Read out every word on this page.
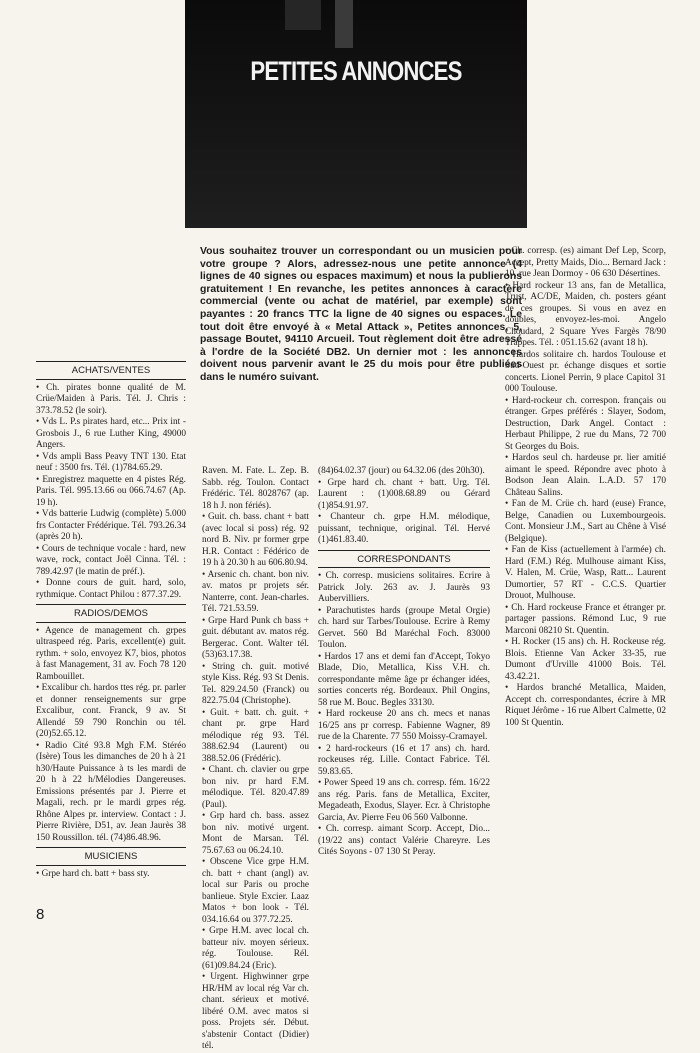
PETITES ANNONCES
Vous souhaitez trouver un correspondant ou un musicien pour votre groupe ? Alors, adressez-nous une petite annonce (4 lignes de 40 signes ou espaces maximum) et nous la publierons gratuitement ! En revanche, les petites annonces à caractère commercial (vente ou achat de matériel, par exemple) sont payantes : 20 francs TTC la ligne de 40 signes ou espaces. Le tout doit être envoyé à « Metal Attack », Petites annonces, 5, passage Boutet, 94110 Arcueil. Tout règlement doit être adressé à l'ordre de la Société DB2. Un dernier mot : les annonces doivent nous parvenir avant le 25 du mois pour être publiées dans le numéro suivant.
ACHATS/VENTES

• Ch. pirates bonne qualité de M. Crüe/Maiden à Paris. Tél. J. Chris : 373.78.52 (le soir).

• Vds L. P.s pirates hard, etc... Prix int - Grosbois J., 6 rue Luther King, 49000 Angers.

• Vds ampli Bass Peavy TNT 130. Etat neuf : 3500 frs. Tél. (1)784.65.29.

• Enregistrez maquette en 4 pistes Rég. Paris. Tél. 995.13.66 ou 066.74.67 (Ap. 19 h).

• Vds batterie Ludwig (complète) 5.000 frs Contacter Frédérique. Tél. 793.26.34 (après 20 h).

• Cours de technique vocale : hard, new wave, rock, contact Joël Cinna. Tél. : 789.42.97 (le matin de préf.).

• Donne cours de guit. hard, solo, rythmique. Contact Philou : 877.37.29.

RADIOS/DEMOS

• Agence de management ch. grpes ultraspeed rég. Paris, excellent(e) guit. rythm. + solo, envoyez K7, bios, photos à fast Management, 31 av. Foch 78 120 Rambouillet.

• Excalibur ch. hardos ttes rég. pr. parler et donner renseignements sur grpe Excalibur, cont. Franck, 9 av. St Allendé 59 790 Ronchin ou tél. (20)52.65.12.

• Radio Cité 93.8 Mgh F.M. Stéréo (Isère) Tous les dimanches de 20 h à 21 h30/Haute Puissance à ts les mardi de 20 h à 22 h/Mélodies Dangereuses. Emissions présentés par J. Pierre et Magali, rech. pr le mardi grpes rég. Rhône Alpes pr. interview. Contact : J. Pierre Rivière, D51, av. Jean Jaurès 38 150 Roussillon. tél. (74)86.48.96.

MUSICIENS

• Grpe hard ch. batt + bass sty.

Raven. M. Fate. L. Zep. B. Sabb. rég. Toulon. Contact Frédéric. Tél. 8028767 (ap. 18 h J. non fériés).

• Guit. ch. bass. chant + batt (avec local si poss) rég. 92 nord B. Niv. pr former grpe H.R. Contact : Fédérico de 19 h à 20.30 h au 606.80.94.

• Arsenic ch. chant. bon niv. av. matos pr projets sér. Nanterre, cont. Jean-charles. Tél. 721.53.59.

• Grpe Hard Punk ch bass + guit. débutant av. matos rég. Bergerac. Cont. Walter tél. (53)63.17.38.

• String ch. guit. motivé style Kiss. Rég. 93 St Denis. Tel. 829.24.50 (Franck) ou 822.75.04 (Christophe).

• Guit. + batt. ch. guit. + chant pr. grpe Hard mélodique rég 93. Tél. 388.62.94 (Laurent) ou 388.52.06 (Frédéric).

• Chant. ch. clavier ou grpe bon niv. pr hard F.M. mélodique. Tél. 820.47.89 (Paul).

• Grp hard ch. bass. assez bon niv. motivé urgent. Mont de Marsan. Tél. 75.67.63 ou 06.24.10.

• Obscene Vice grpe H.M. ch. batt + chant (angl) av. local sur Paris ou proche banlieue. Style Excier. Laaz Matos + bon look - Tél. 034.16.64 ou 377.72.25.

• Grpe H.M. avec local ch. batteur niv. moyen sérieux. rég. Toulouse. Rél. (61)09.84.24 (Eric).

• Urgent. Highwinner grpe HR/HM av local rég Var ch. chant. sérieux et motivé. libéré O.M. avec matos si poss. Projets sér. Début. s'abstenir Contact (Didier) tél.

(84)64.02.37 (jour) ou 64.32.06 (des 20h30).

• Grpe hard ch. chant + batt. Urg. Tél. Laurent : (1)008.68.89 ou Gérard (1)854.91.97.

• Chanteur ch. grpe H.M. mélodique, puissant, technique, original. Tél. Hervé (1)461.83.40.

CORRESPONDANTS

• Ch. corresp. musiciens solitaires. Ecrire à Patrick Joly. 263 av. J. Jaurès 93 Aubervilliers.

• Parachutistes hards (groupe Metal Orgie) ch. hard sur Tarbes/Toulouse. Ecrire à Remy Gervet. 560 Bd Maréchal Foch. 83000 Toulon.

• Hardos 17 ans et demi fan d'Accept, Tokyo Blade, Dio, Metallica, Kiss V.H. ch. correspondante même âge pr échanger idées, sorties concerts rég. Bordeaux. Phil Ongins, 58 rue M. Bouc. Begles 33130.

• Hard rockeuse 20 ans ch. mecs et nanas 16/25 ans pr corresp. Fabienne Wagner, 89 rue de la Charente. 77 550 Moissy-Cramayel.

• 2 hard-rockeurs (16 et 17 ans) ch. hard. rockeuses rég. Lille. Contact Fabrice. Tél. 59.83.65.

• Power Speed 19 ans ch. corresp. fém. 16/22 ans rég. Paris. fans de Metallica, Exciter, Megadeath, Exodus, Slayer. Ecr. à Christophe Garcia, Av. Pierre Feu 06 560 Valbonne.

• Ch. corresp. aimant Scorp. Accept, Dio... (19/22 ans) contact Valérie Chareyre. Les Cités Soyons - 07 130 St Peray.

• Ch. corresp. (es) aimant Def Lep, Scorp, Accept, Pretty Maids, Dio... Bernard Jack : 10, rue Jean Dormoy - 06 630 Désertines.

• Hard rockeur 13 ans, fan de Metallica, Trust, AC/DE, Maiden, ch. posters géant de ces groupes. Si vous en avez en doubles, envoyez-les-moi. Angelo Choudard, 2 Square Yves Fargès 78/90 Trappes. Tél. : 051.15.62 (avant 18 h).

• Hardos solitaire ch. hardos Toulouse et Sud-Ouest pr. échange disques et sortie concerts. Lionel Perrin, 9 place Capitol 31 000 Toulouse.

• Hard-rockeur ch. correspon. français ou étranger. Grpes préférés : Slayer, Sodom, Destruction, Dark Angel. Contact : Herbaut Philippe, 2 rue du Mans, 72 700 St Georges du Bois.

• Hardos seul ch. hardeuse pr. lier amitié aimant le speed. Répondre avec photo à Bodson Jean Alain. L.A.D. 57 170 Château Salins.

• Fan de M. Crüe ch. hard (euse) France, Belge, Canadien ou Luxembourgeois. Cont. Monsieur J.M., Sart au Chêne à Visé (Belgique).

• Fan de Kiss (actuellement à l'armée) ch. Hard (F.M.) Rég. Mulhouse aimant Kiss, V. Halen, M. Crüe, Wasp, Ratt... Laurent Dumortier, 57 RT - C.C.S. Quartier Drouot, Mulhouse.

• Ch. Hard rockeuse France et étranger pr. partager passions. Rémond Luc, 9 rue Marconi 08210 St. Quentin.

• H. Rocker (15 ans) ch. H. Rockeuse rég. Blois. Etienne Van Acker 33-35, rue Dumont d'Urville 41000 Bois. Tél. 43.42.21.

• Hardos branché Metallica, Maiden, Accept ch. correspondantes, écrire à MR Riquet Jérôme - 16 rue Albert Calmette, 02 100 St Quentin.

8
